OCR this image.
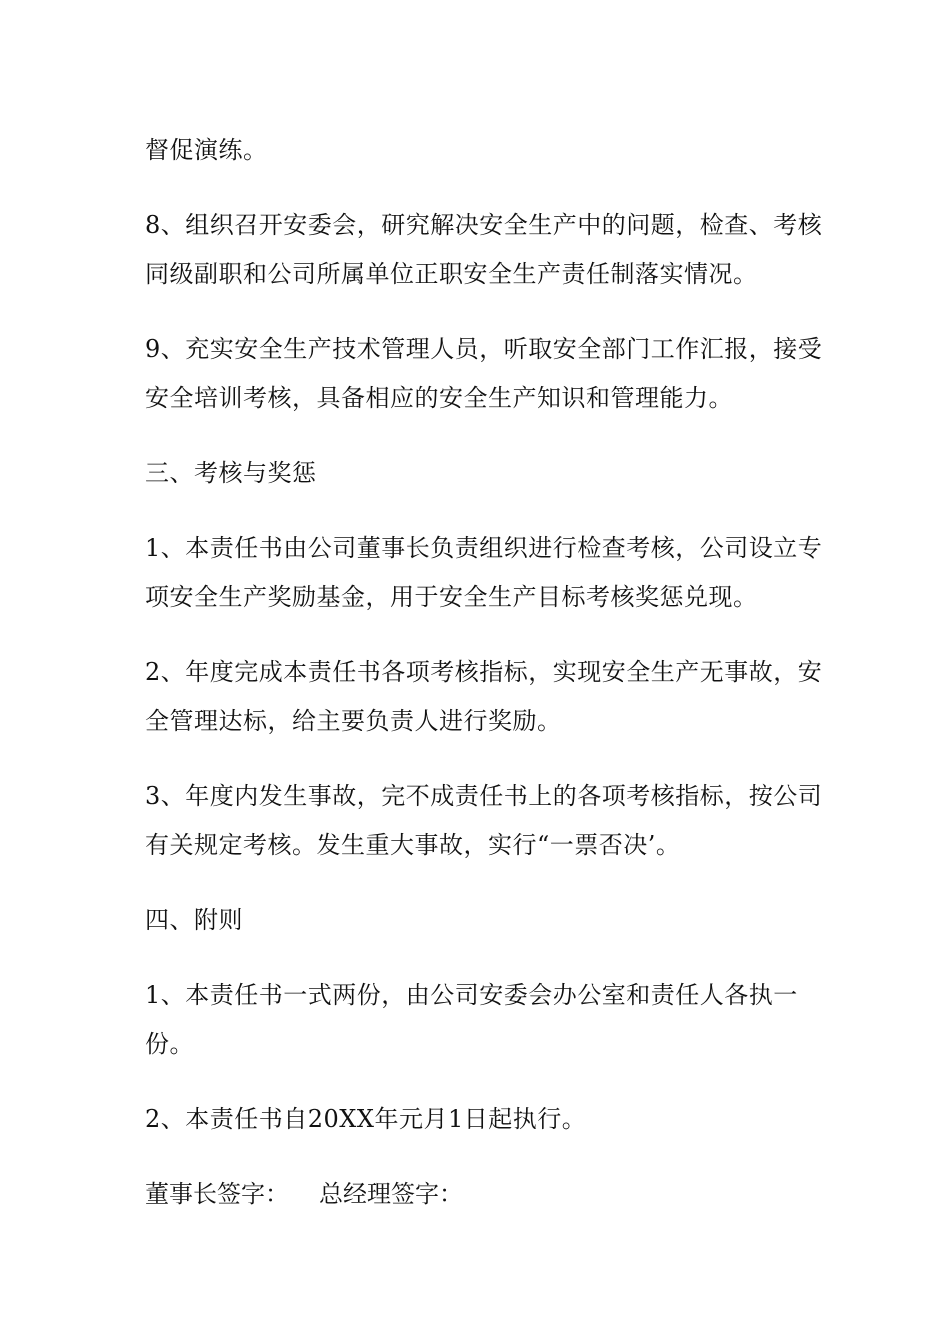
督促演练。

8、组织召开安委会，研究解决安全生产中的问题，检查、考核同级副职和公司所属单位正职安全生产责任制落实情况。

9、充实安全生产技术管理人员，听取安全部门工作汇报，接受安全培训考核，具备相应的安全生产知识和管理能力。

三、考核与奖惩

1、本责任书由公司董事长负责组织进行检查考核，公司设立专项安全生产奖励基金，用于安全生产目标考核奖惩兑现。

2、年度完成本责任书各项考核指标，实现安全生产无事故，安全管理达标，给主要负责人进行奖励。

3、年度内发生事故，完不成责任书上的各项考核指标，按公司有关规定考核。发生重大事故，实行“一票否决’。

四、附则

1、本责任书一式两份，由公司安委会办公室和责任人各执一份。

2、本责任书自20XX年元月1日起执行。

董事长签字： 总经理签字：
